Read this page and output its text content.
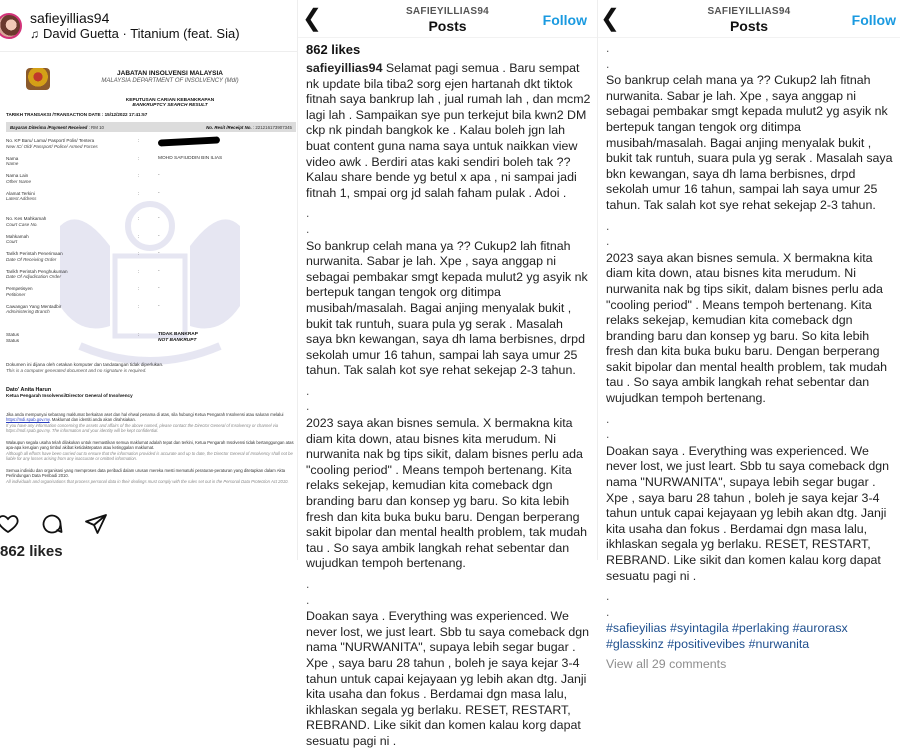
safieyillias94
♫ David Guetta · Titanium (feat. Sia)
JABATAN INSOLVENSI MALAYSIA
MALAYSIA DEPARTMENT OF INSOLVENCY (MdI)
KEPUTUSAN CARIAN KEBANKRAPAN
BANKRUPTCY SEARCH RESULT
TARIKH TRANSAKSI /TRANSACTION DATE : 15/12/2022 17:41:57
Bayaran Diterima /Payment Received : RM 10	No. Resit /Receipt No. : 221216173907345
No. KP Baru/ Lama/ Pasport/ Polis/ Tentera
New IC/ Old/ Passport/ Police/ Armed Forces
:
Nama
Name
:	MOHD SAFIUDDIN BIN ILIAS
Nama Lain
Other Name
:	-
Alamat Terkini
Latest Address
:	-
No. Kes Mahkamah
Court Case No.
:	-
Mahkamah
Court
:	-
Tarikh Perintah Penerimaan
Date Of Receiving Order
:	-
Tarikh Perintah Penghukuman
Date Of Adjudication Order
:	-
Pempetisyen
Petitioner
:	-
Cawangan Yang Mentadbir
Administering Branch
:	-
Status
Status
:	TIDAK BANKRAP
NOT BANKRUPT
Dokumen ini dijana oleh cetakan komputer dan tandatangan tidak diperlukan.
This is a computer generated document and no signature is required.
Dato' Anita Harun
Ketua Pengarah Insolvensi/Director General of Insolvency
Jika anda mempunyai sebarang maklumat berkaitan aset dan hal ehwal penama di atas, sila hubungi Ketua Pengarah Insolvensi atau saluran melalui https://mdi.spab.gov.my. Maklumat dan identiti anda akan dirahsiakan.
If you have any information concerning the assets and affairs of the above named, please contact the Director General of Insolvency or channel via https://mdi.spab.gov.my. The information and your identity will be kept confidential.
Walaupun segala usaha telah dilakukan untuk memastikan semua maklumat adalah tepat dan terkini, Ketua Pengarah Insolvensi tidak bertanggungan atas apa-apa kerugian yang timbul akibat ketidaktepatan atau ketinggalan maklumat.
Although all efforts have been carried out to ensure that the information provided is accurate and up to date, the Director General of Insolvency shall not be liable for any losses arising from any inaccurate or omitted information.
Semua individu dan organisasi yang memproses data peribadi dalam urusan mereka mesti mematuhi peraturan-peraturan yang ditetapkan dalam Akta Perlindungan Data Peribadi 2010.
All individuals and organisations that process personal data in their dealings must comply with the rules set out in the Personal Data Protection Act 2010.
862 likes
❮	SAFIEYILLIAS94
Posts	Follow
862 likes
safieyillias94 Selamat pagi semua . Baru sempat nk update bila tiba2 sorg ejen hartanah dkt tiktok fitnah saya bankrup lah , jual rumah lah , dan mcm2 lagi lah . Sampaikan sye pun terkejut bila kwn2 DM ckp nk pindah bangkok ke . Kalau boleh jgn lah buat content guna nama saya untuk naikkan view video awk . Berdiri atas kaki sendiri boleh tak ?? Kalau share bende yg betul x apa , ni sampai jadi fitnah 1, smpai org jd salah faham pulak . Adoi .
.
.
So bankrup celah mana ya ?? Cukup2 lah fitnah nurwanita. Sabar je lah. Xpe , saya anggap ni sebagai pembakar smgt kepada mulut2 yg asyik nk bertepuk tangan tengok org ditimpa musibah/masalah. Bagai anjing menyalak bukit , bukit tak runtuh, suara pula yg serak . Masalah saya bkn kewangan, saya dh lama berbisnes, drpd sekolah umur 16 tahun, sampai lah saya umur 25 tahun. Tak salah kot sye rehat sekejap 2-3 tahun.
.
.
2023 saya akan bisnes semula. X bermakna kita diam kita down, atau bisnes kita merudum. Ni nurwanita nak bg tips sikit, dalam bisnes perlu ada "cooling period" . Means tempoh bertenang. Kita relaks sekejap, kemudian kita comeback dgn branding baru dan konsep yg baru. So kita lebih fresh dan kita buka buku baru. Dengan berperang sakit bipolar dan mental health problem, tak mudah tau . So saya ambik langkah rehat sebentar dan wujudkan tempoh bertenang.
.
.
Doakan saya . Everything was experienced. We never lost, we just leart. Sbb tu saya comeback dgn nama "NURWANITA", supaya lebih segar bugar . Xpe , saya baru 28 tahun , boleh je saya kejar 3-4 tahun untuk capai kejayaan yg lebih akan dtg. Janji kita usaha dan fokus . Berdamai dgn masa lalu, ikhlaskan segala yg berlaku. RESET, RESTART, REBRAND. Like sikit dan komen kalau korg dapat sesuatu pagi ni .
❮	SAFIEYILLIAS94
Posts	Follow
.
.
So bankrup celah mana ya ?? Cukup2 lah fitnah nurwanita. Sabar je lah. Xpe , saya anggap ni sebagai pembakar smgt kepada mulut2 yg asyik nk bertepuk tangan tengok org ditimpa musibah/masalah. Bagai anjing menyalak bukit , bukit tak runtuh, suara pula yg serak . Masalah saya bkn kewangan, saya dh lama berbisnes, drpd sekolah umur 16 tahun, sampai lah saya umur 25 tahun. Tak salah kot sye rehat sekejap 2-3 tahun.
.
.
2023 saya akan bisnes semula. X bermakna kita diam kita down, atau bisnes kita merudum. Ni nurwanita nak bg tips sikit, dalam bisnes perlu ada "cooling period" . Means tempoh bertenang. Kita relaks sekejap, kemudian kita comeback dgn branding baru dan konsep yg baru. So kita lebih fresh dan kita buka buku baru. Dengan berperang sakit bipolar dan mental health problem, tak mudah tau . So saya ambik langkah rehat sebentar dan wujudkan tempoh bertenang.
.
.
Doakan saya . Everything was experienced. We never lost, we just leart. Sbb tu saya comeback dgn nama "NURWANITA", supaya lebih segar bugar . Xpe , saya baru 28 tahun , boleh je saya kejar 3-4 tahun untuk capai kejayaan yg lebih akan dtg. Janji kita usaha dan fokus . Berdamai dgn masa lalu, ikhlaskan segala yg berlaku. RESET, RESTART, REBRAND. Like sikit dan komen kalau korg dapat sesuatu pagi ni .
.
.
#safieyilias #syintagila #perlaking #aurorasx #glasskinz #positivevibes #nurwanita
View all 29 comments
